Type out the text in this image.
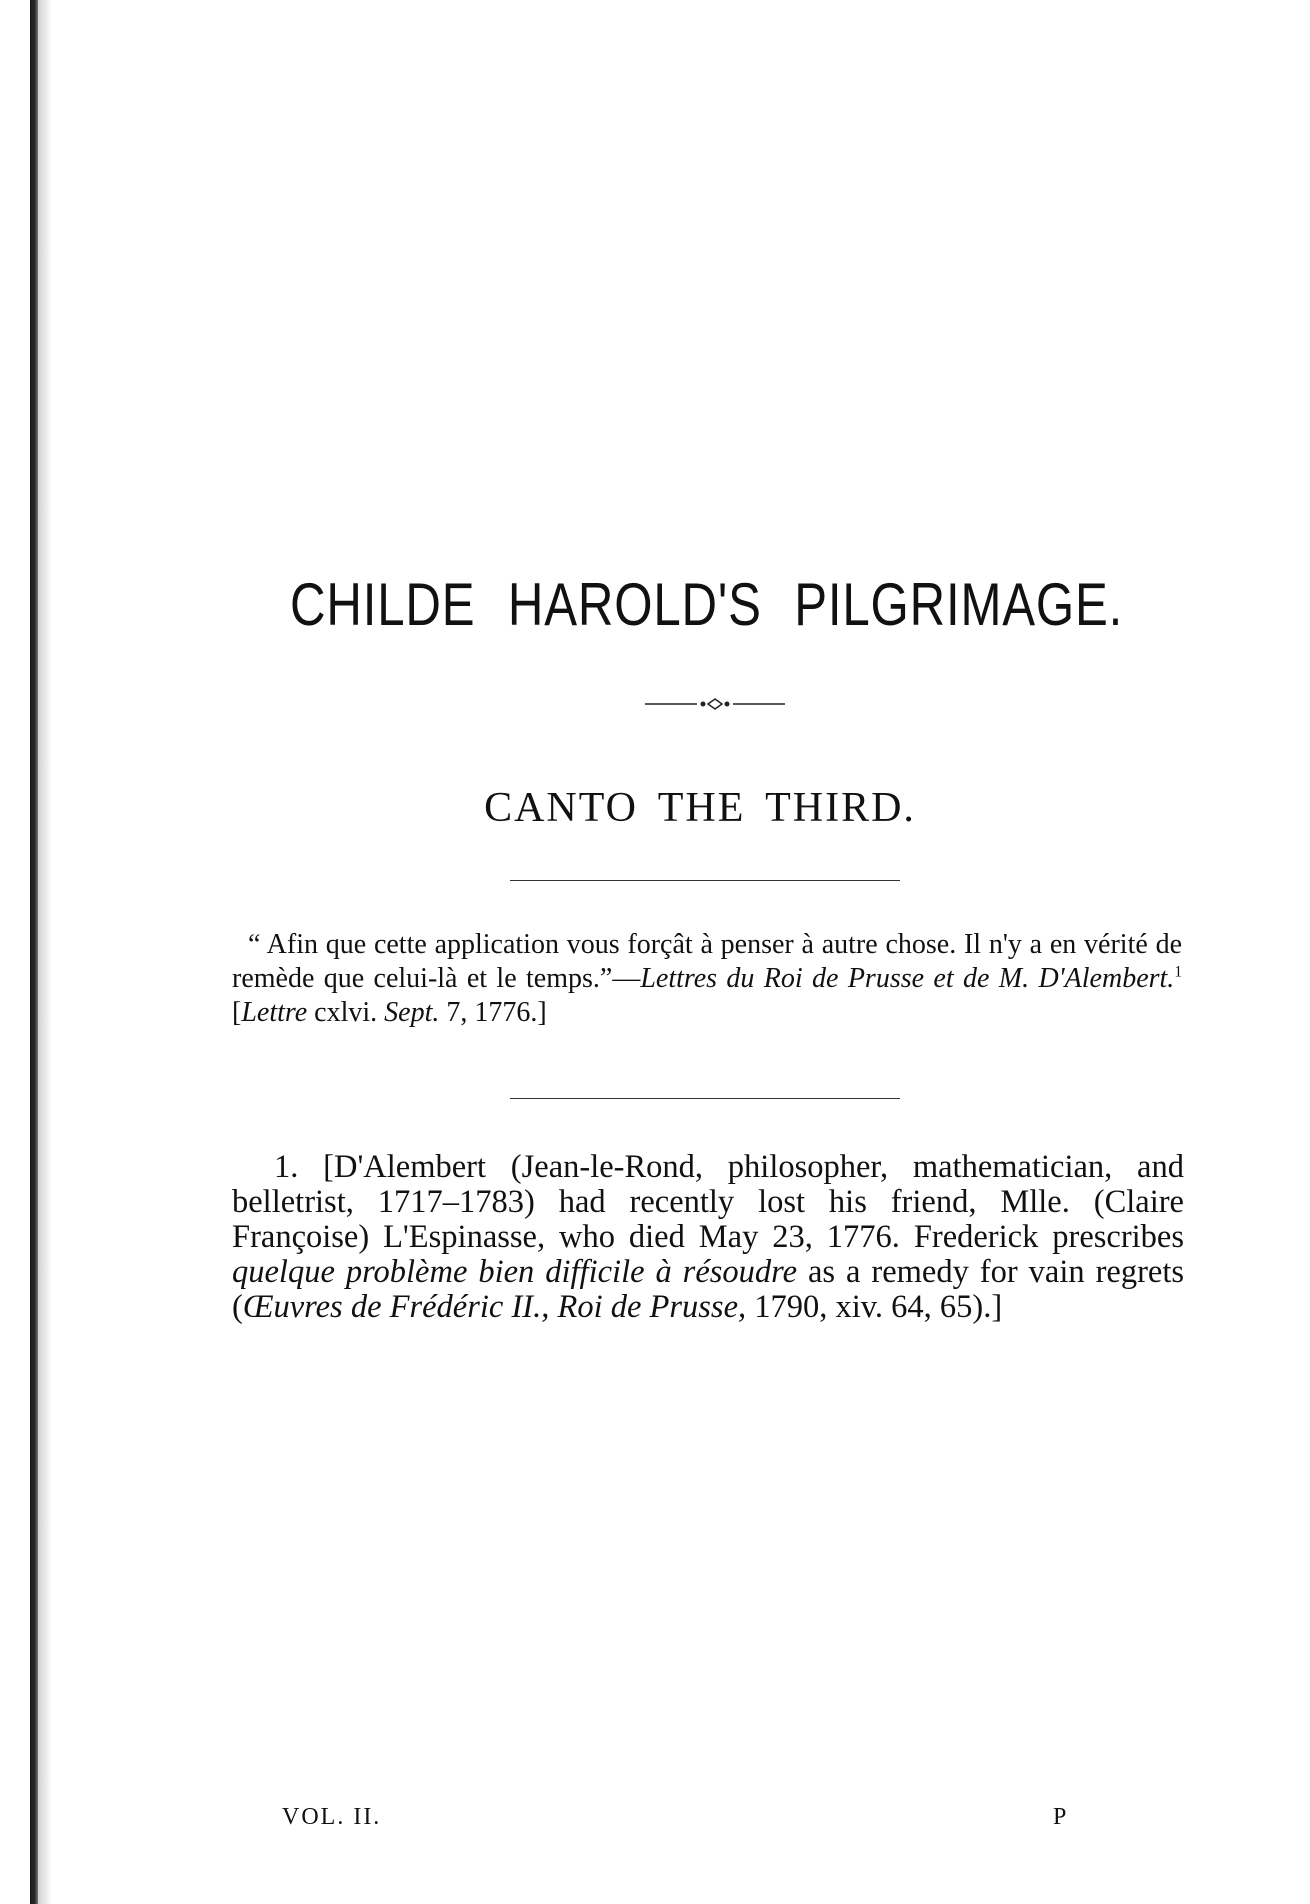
CHILDE HAROLD'S PILGRIMAGE.
CANTO THE THIRD.
“ Afin que cette application vous forçât à penser à autre chose. Il n'y a en vérité de remède que celui-là et le temps.”—Lettres du Roi de Prusse et de M. D'Alembert.$^1$ [Lettre cxlvi. Sept. 7, 1776.]
1. [D'Alembert (Jean-le-Rond, philosopher, mathematician, and belletrist, 1717–1783) had recently lost his friend, Mlle. (Claire Françoise) L'Espinasse, who died May 23, 1776. Frederick prescribes quelque problème bien difficile à résoudre as a remedy for vain regrets (Œuvres de Frédéric II., Roi de Prusse, 1790, xiv. 64, 65).]
VOL. II.	P
